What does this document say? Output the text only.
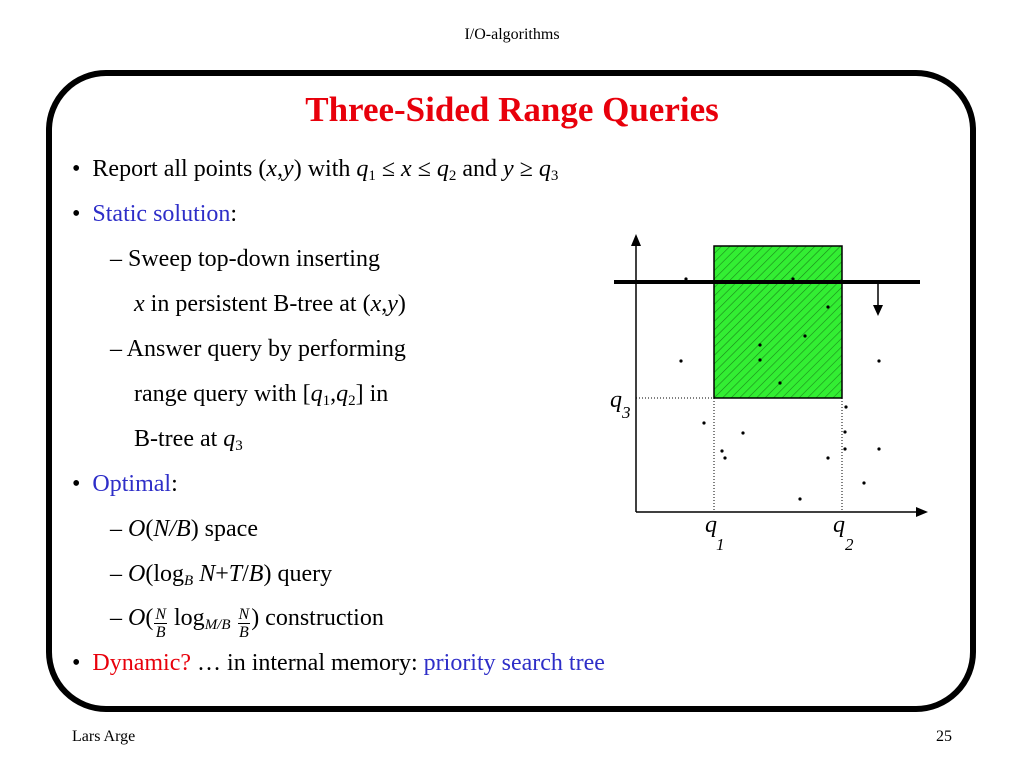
I/O-algorithms
Three-Sided Range Queries
• Report all points (x,y) with $q_1 \le x \le q_2$ and $y \ge q_3$
• Static solution:
– Sweep top-down inserting
x in persistent B-tree at (x,y)
– Answer query by performing
range query with $[q_1,q_2]$ in
B-tree at $q_3$
• Optimal:
– O(N/B) space
– $O(\log_B$ N+T/B) query
– $O( \frac{N}{B} \log_{M/B} \frac{N}{B}$ ) construction
• Dynamic? … in internal memory: priority search tree
q 3
q
1
q
2
Lars Arge	25
